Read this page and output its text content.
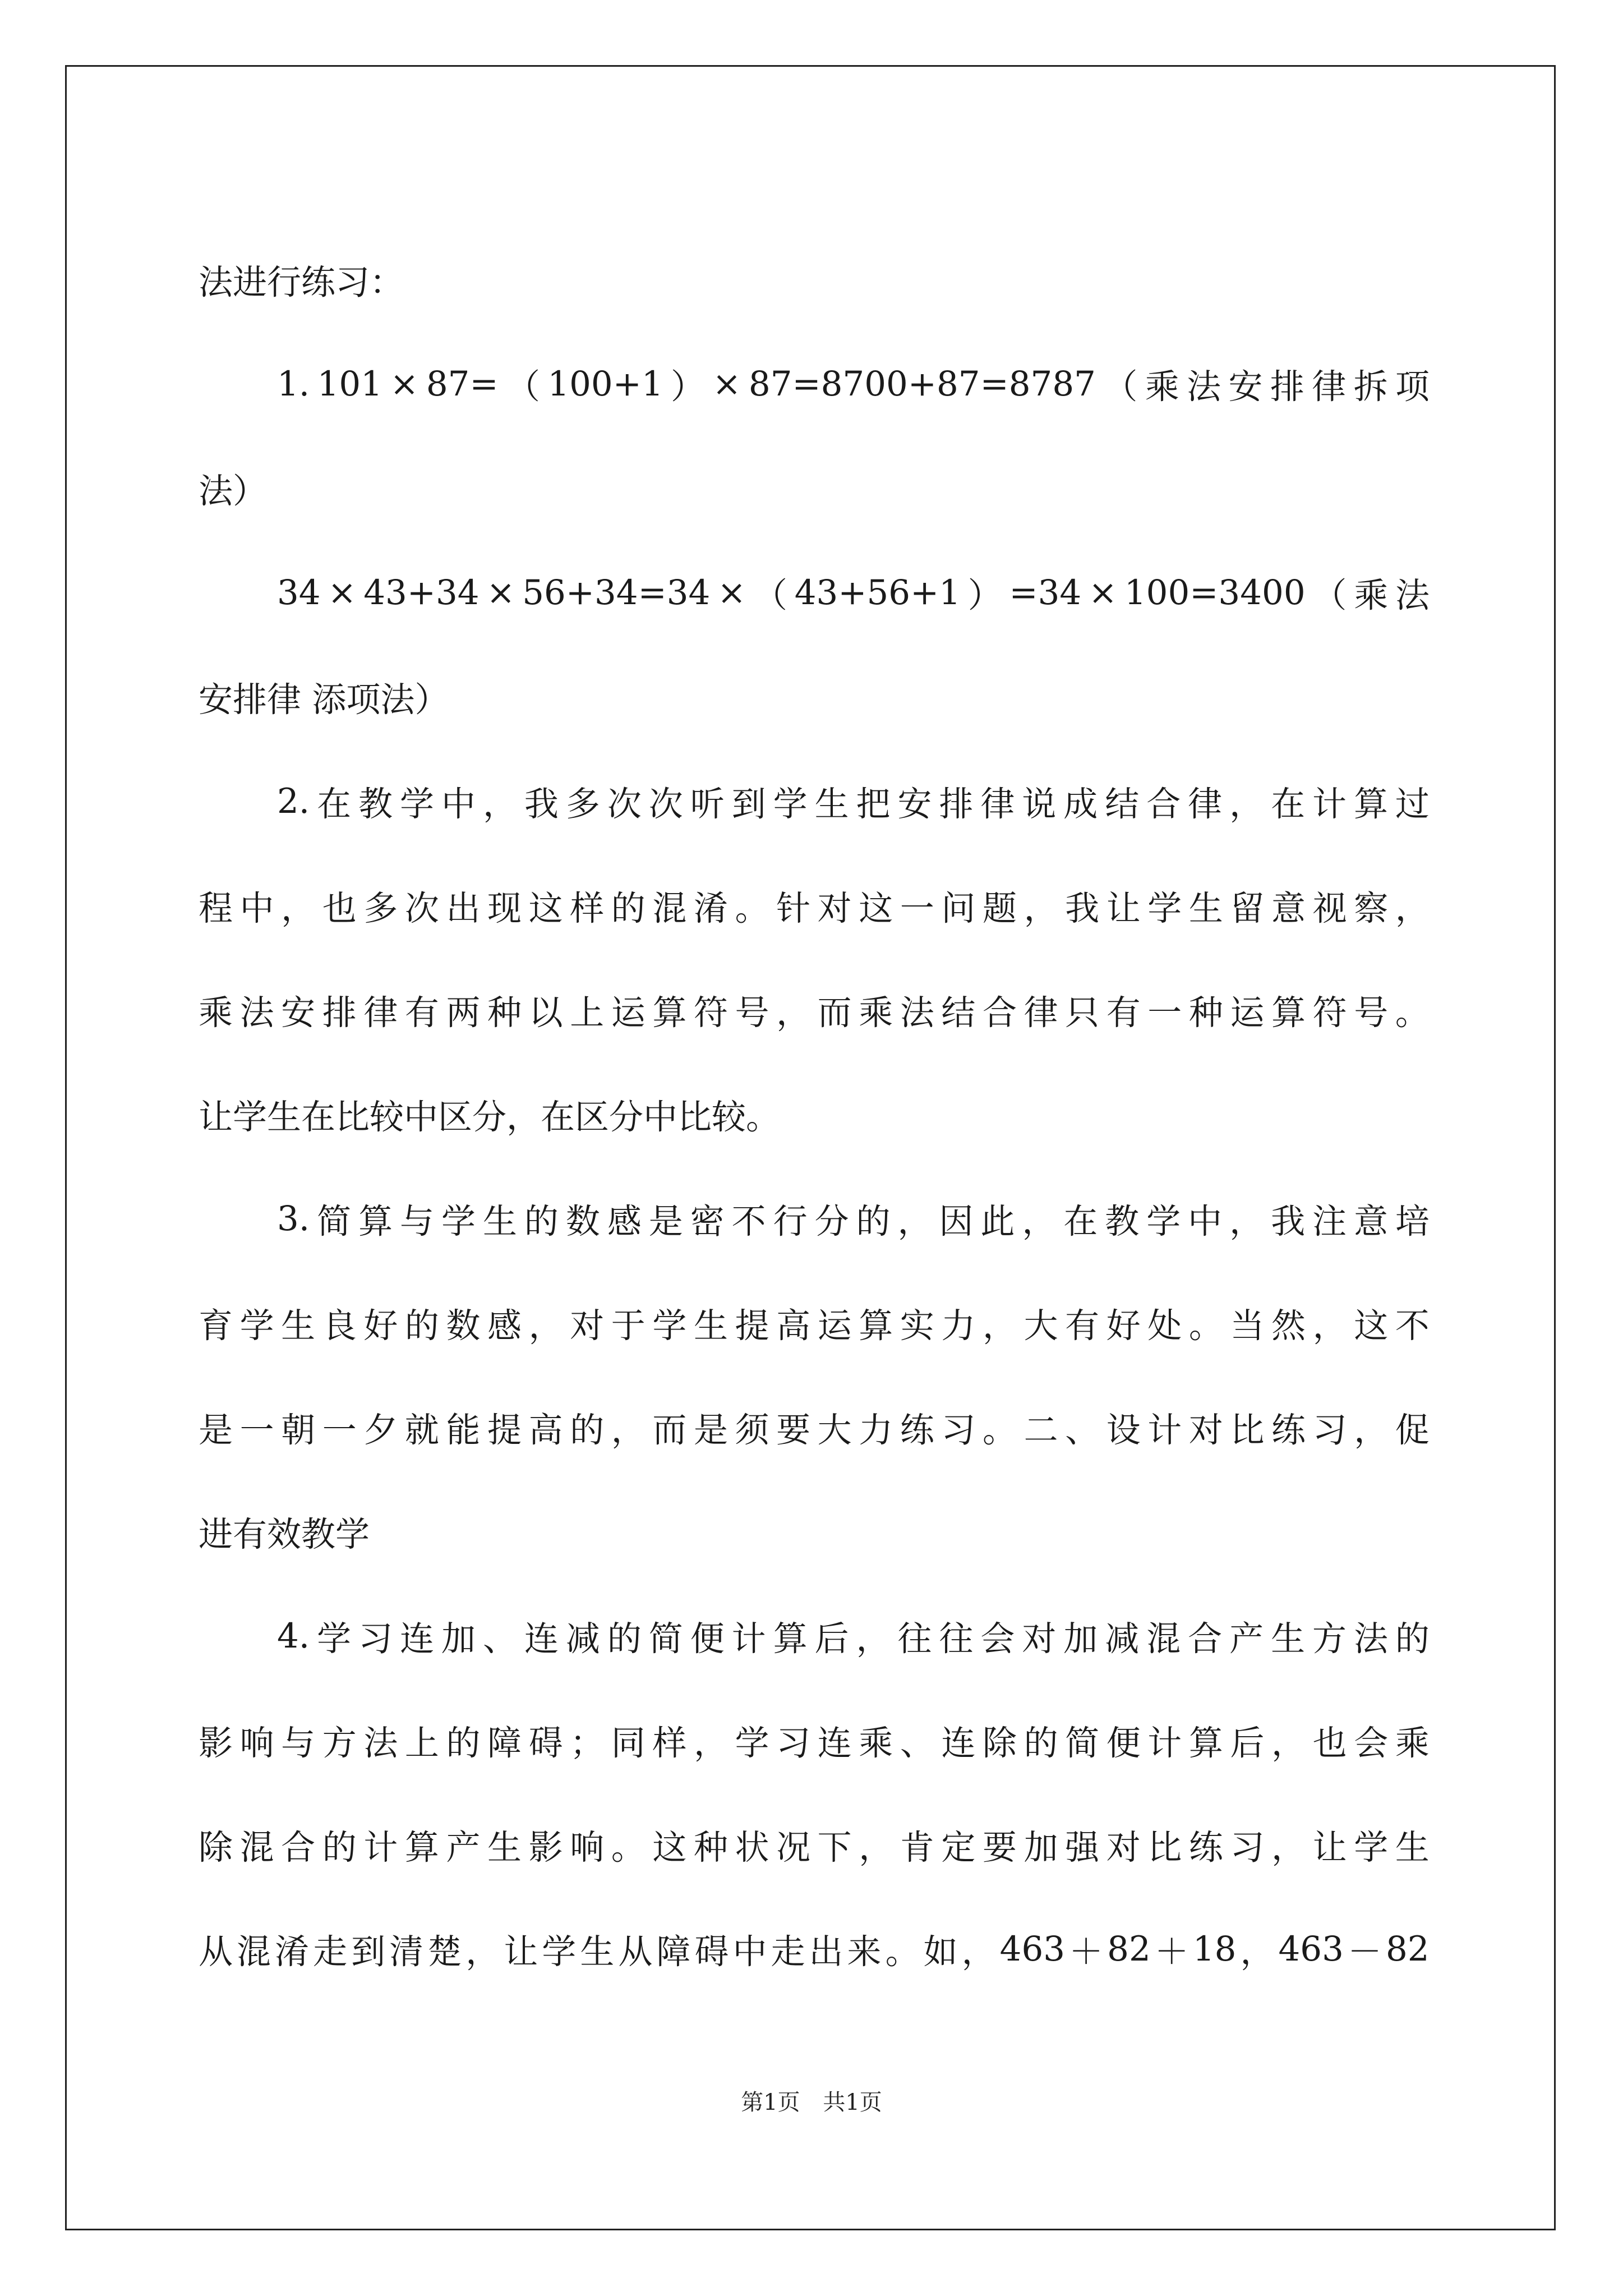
法进行练习：
1. 101 × 87= （ 100+1 ） × 87=8700+87=8787 （ 乘 法 安 排 律 拆 项
法）
34 × 43+34 × 56+34=34 × （ 43+56+1 ） =34 × 100=3400 （ 乘 法
安排律 添项法）
2. 在 教 学 中 ， 我 多 次 次 听 到 学 生 把 安 排 律 说 成 结 合 律 ， 在 计 算 过
程 中 ， 也 多 次 出 现 这 样 的 混 淆 。 针 对 这 一 问 题 ， 我 让 学 生 留 意 视 察 ，
乘 法 安 排 律 有 两 种 以 上 运 算 符 号 ， 而 乘 法 结 合 律 只 有 一 种 运 算 符 号 。
让学生在比较中区分，在区分中比较。
3. 简 算 与 学 生 的 数 感 是 密 不 行 分 的 ， 因 此 ， 在 教 学 中 ， 我 注 意 培
育 学 生 良 好 的 数 感 ， 对 于 学 生 提 高 运 算 实 力 ， 大 有 好 处 。 当 然 ， 这 不
是 一 朝 一 夕 就 能 提 高 的 ， 而 是 须 要 大 力 练 习 。 二 、 设 计 对 比 练 习 ， 促
进有效教学
4. 学 习 连 加 、 连 减 的 简 便 计 算 后 ， 往 往 会 对 加 减 混 合 产 生 方 法 的
影 响 与 方 法 上 的 障 碍 ； 同 样 ， 学 习 连 乘 、 连 除 的 简 便 计 算 后 ， 也 会 乘
除 混 合 的 计 算 产 生 影 响 。 这 种 状 况 下 ， 肯 定 要 加 强 对 比 练 习 ， 让 学 生
从 混 淆 走 到 清 楚 ， 让 学 生 从 障 碍 中 走 出 来 。 如 ， 463 ＋ 82 ＋ 18 ， 463 － 82
第1页 共1页
